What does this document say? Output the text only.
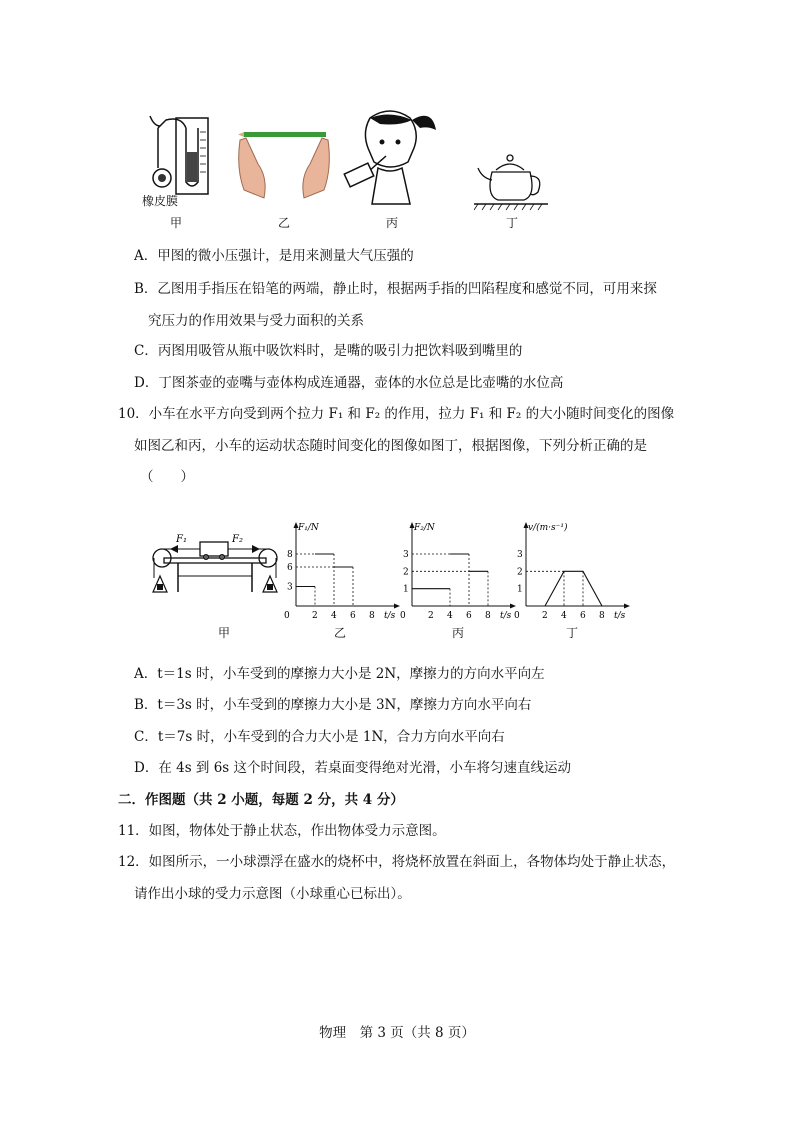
橡皮膜
甲	乙	丙	丁
A．甲图的微小压强计，是用来测量大气压强的
B．乙图用手指压在铅笔的两端，静止时，根据两手指的凹陷程度和感觉不同，可用来探
究压力的作用效果与受力面积的关系
C．丙图用吸管从瓶中吸饮料时，是嘴的吸引力把饮料吸到嘴里的
D．丁图茶壶的壶嘴与壶体构成连通器，壶体的水位总是比壶嘴的水位高
10．小车在水平方向受到两个拉力 F₁ 和 F₂ 的作用，拉力 F₁ 和 F₂ 的大小随时间变化的图像
如图乙和丙，小车的运动状态随时间变化的图像如图丁，根据图像，下列分析正确的是
（　　）
F₁	F₂
甲
F₁/N
t/s
0 2 4 6 8
3
6
8
F₂/N
t/s
0 2 4 6 8
1
2
3
v/(m·s⁻¹)
t/s
0 2 4 6 8
1
2
3
乙	丙	丁
A．t＝1s 时，小车受到的摩擦力大小是 2N，摩擦力的方向水平向左
B．t＝3s 时，小车受到的摩擦力大小是 3N，摩擦力方向水平向右
C．t＝7s 时，小车受到的合力大小是 1N，合力方向水平向右
D．在 4s 到 6s 这个时间段，若桌面变得绝对光滑，小车将匀速直线运动
二．作图题（共 2 小题，每题 2 分，共 4 分）
11．如图，物体处于静止状态，作出物体受力示意图。
12．如图所示，一小球漂浮在盛水的烧杯中，将烧杯放置在斜面上，各物体均处于静止状态，
请作出小球的受力示意图（小球重心已标出）。
物理　第 3 页（共 8 页）
